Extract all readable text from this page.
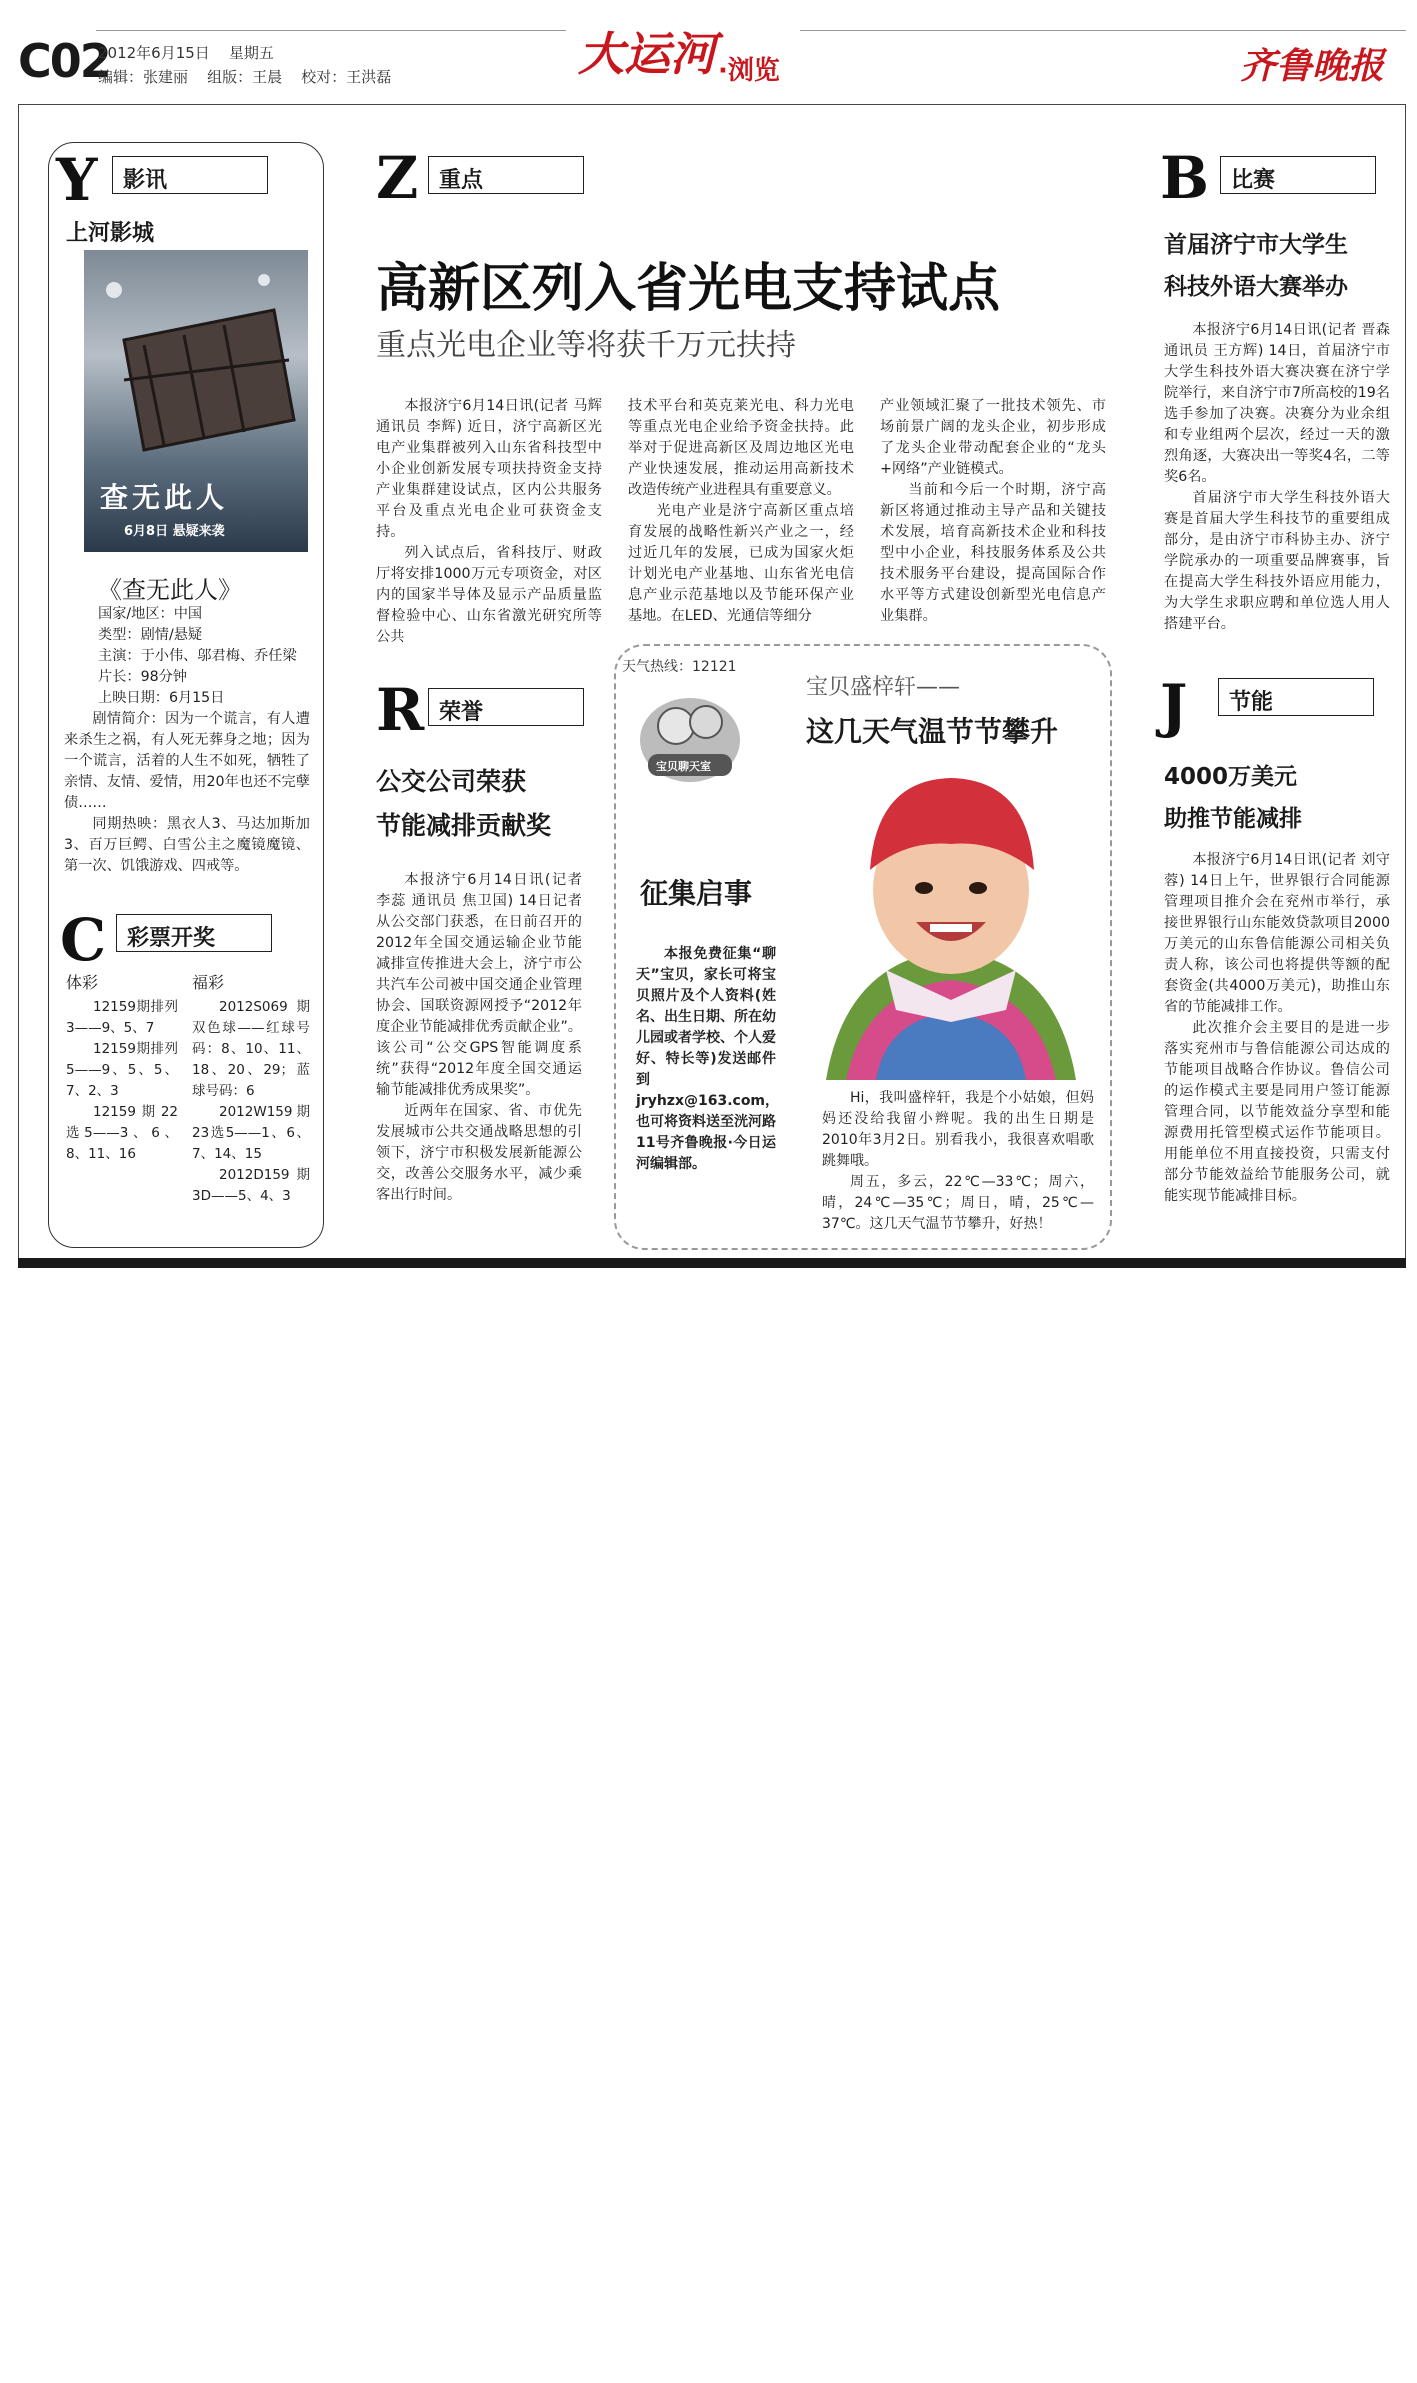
C02
2012年6月15日 星期五
编辑：张建丽 组版：王晨 校对：王洪磊	大运河 ·浏览	齐鲁晚报
Y	影讯
上河影城
查无此人
6月8日 悬疑来袭
《查无此人》
国家/地区：中国
类型：剧情/悬疑
主演：于小伟、邬君梅、乔任梁
片长：98分钟
上映日期：6月15日

剧情简介：因为一个谎言，有人遭来杀生之祸，有人死无葬身之地；因为一个谎言，活着的人生不如死，牺牲了亲情、友情、爱情，用20年也还不完孽债……

同期热映：黑衣人3、马达加斯加3、百万巨鳄、白雪公主之魔镜魔镜、第一次、饥饿游戏、四戒等。

C 彩票开奖
体彩

12159期排列3——9、5、7

12159期排列5——9、5、5、7、2、3

12159期22选5——3、6、8、11、16

福彩

2012S069期双色球——红球号码：8、10、11、18、20、29；蓝球号码：6

2012W159期23选5——1、6、7、14、15

2012D159期3D——5、4、3

Z 重点
高新区列入省光电支持试点
重点光电企业等将获千万元扶持

本报济宁6月14日讯(记者 马辉 通讯员 李辉) 近日，济宁高新区光电产业集群被列入山东省科技型中小企业创新发展专项扶持资金支持产业集群建设试点，区内公共服务平台及重点光电企业可获资金支持。

列入试点后，省科技厅、财政厅将安排1000万元专项资金，对区内的国家半导体及显示产品质量监督检验中心、山东省激光研究所等公共

技术平台和英克莱光电、科力光电等重点光电企业给予资金扶持。此举对于促进高新区及周边地区光电产业快速发展，推动运用高新技术改造传统产业进程具有重要意义。

光电产业是济宁高新区重点培育发展的战略性新兴产业之一，经过近几年的发展，已成为国家火炬计划光电产业基地、山东省光电信息产业示范基地以及节能环保产业基地。在LED、光通信等细分

产业领域汇聚了一批技术领先、市场前景广阔的龙头企业，初步形成了龙头企业带动配套企业的“龙头+网络”产业链模式。

当前和今后一个时期，济宁高新区将通过推动主导产品和关键技术发展，培育高新技术企业和科技型中小企业，科技服务体系及公共技术服务平台建设，提高国际合作水平等方式建设创新型光电信息产业集群。

R 荣誉
公交公司荣获
节能减排贡献奖

本报济宁6月14日讯(记者 李蕊 通讯员 焦卫国) 14日记者从公交部门获悉，在日前召开的2012年全国交通运输企业节能减排宣传推进大会上，济宁市公共汽车公司被中国交通企业管理协会、国联资源网授予“2012年度企业节能减排优秀贡献企业”。该公司“公交GPS智能调度系统”获得“2012年度全国交通运输节能减排优秀成果奖”。

近两年在国家、省、市优先发展城市公共交通战略思想的引领下，济宁市积极发展新能源公交，改善公交服务水平，减少乘客出行时间。

天气热线：12121
宝贝聊天室
征集启事

本报免费征集“聊天”宝贝，家长可将宝贝照片及个人资料(姓名、出生日期、所在幼儿园或者学校、个人爱好、特长等)发送邮件到jryhzx@163.com，也可将资料送至洸河路11号齐鲁晚报·今日运河编辑部。

宝贝盛梓轩——
这几天气温节节攀升

Hi，我叫盛梓轩，我是个小姑娘，但妈妈还没给我留小辫呢。我的出生日期是2010年3月2日。别看我小，我很喜欢唱歌跳舞哦。

周五，多云，22℃—33℃；周六，晴，24℃—35℃；周日，晴，25℃—37℃。这几天气温节节攀升，好热！

B 比赛
首届济宁市大学生
科技外语大赛举办

本报济宁6月14日讯(记者 晋森 通讯员 王方辉) 14日，首届济宁市大学生科技外语大赛决赛在济宁学院举行，来自济宁市7所高校的19名选手参加了决赛。决赛分为业余组和专业组两个层次，经过一天的激烈角逐，大赛决出一等奖4名，二等奖6名。

首届济宁市大学生科技外语大赛是首届大学生科技节的重要组成部分，是由济宁市科协主办、济宁学院承办的一项重要品牌赛事，旨在提高大学生科技外语应用能力，为大学生求职应聘和单位选人用人搭建平台。

J	节能
4000万美元
助推节能减排

本报济宁6月14日讯(记者 刘守蓉) 14日上午，世界银行合同能源管理项目推介会在兖州市举行，承接世界银行山东能效贷款项目2000万美元的山东鲁信能源公司相关负责人称，该公司也将提供等额的配套资金(共4000万美元)，助推山东省的节能减排工作。

此次推介会主要目的是进一步落实兖州市与鲁信能源公司达成的节能项目战略合作协议。鲁信公司的运作模式主要是同用户签订能源管理合同，以节能效益分享型和能源费用托管型模式运作节能项目。用能单位不用直接投资，只需支付部分节能效益给节能服务公司，就能实现节能减排目标。
